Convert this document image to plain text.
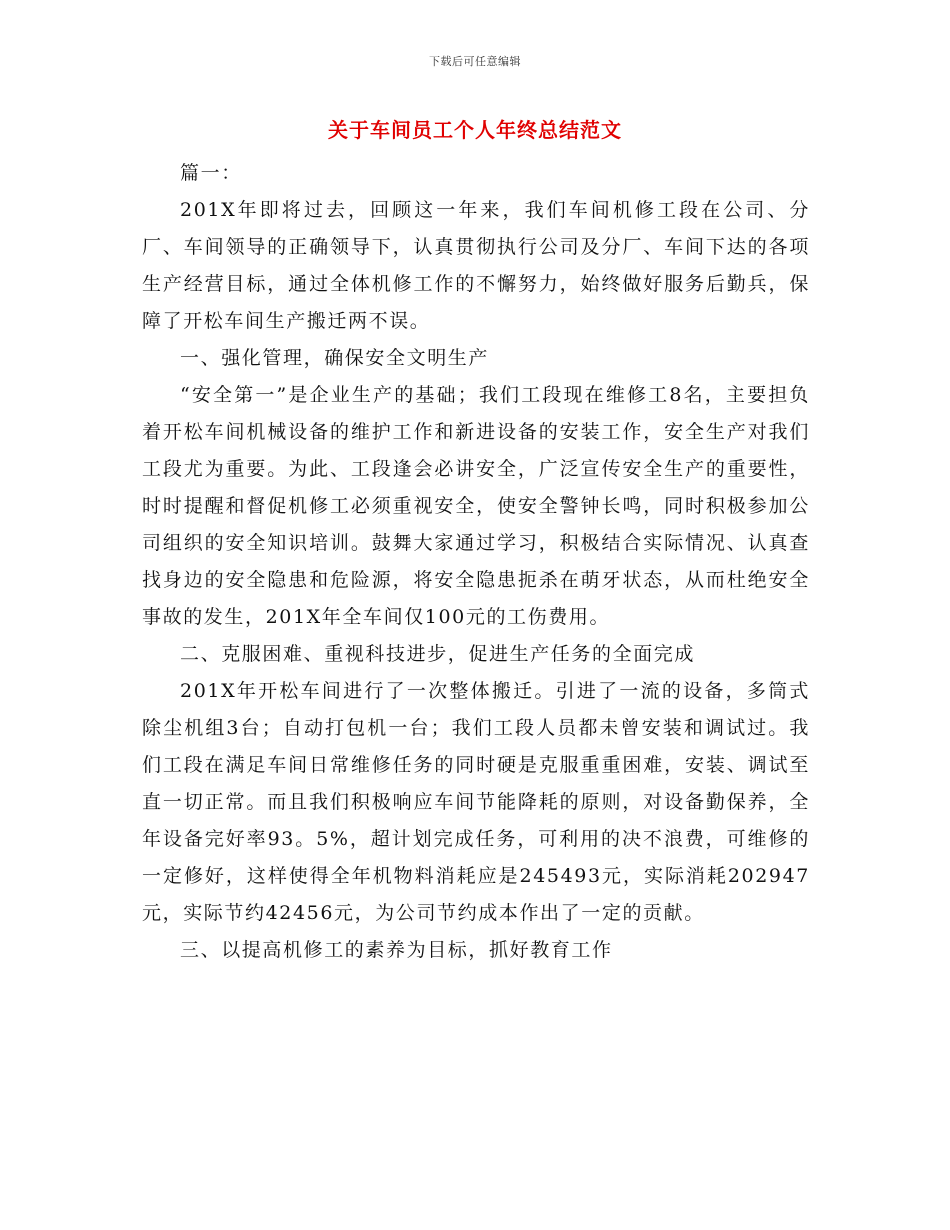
下载后可任意编辑
关于车间员工个人年终总结范文

篇一：

201X年即将过去，回顾这一年来，我们车间机修工段在公司、分厂、车间领导的正确领导下，认真贯彻执行公司及分厂、车间下达的各项生产经营目标，通过全体机修工作的不懈努力，始终做好服务后勤兵，保障了开松车间生产搬迁两不误。

一、强化管理，确保安全文明生产

“安全第一”是企业生产的基础；我们工段现在维修工8名，主要担负着开松车间机械设备的维护工作和新进设备的安装工作，安全生产对我们工段尤为重要。为此、工段逢会必讲安全，广泛宣传安全生产的重要性，时时提醒和督促机修工必须重视安全，使安全警钟长鸣，同时积极参加公司组织的安全知识培训。鼓舞大家通过学习，积极结合实际情况、认真查找身边的安全隐患和危险源，将安全隐患扼杀在萌牙状态，从而杜绝安全事故的发生，201X年全车间仅100元的工伤费用。

二、克服困难、重视科技进步，促进生产任务的全面完成

201X年开松车间进行了一次整体搬迁。引进了一流的设备，多筒式除尘机组3台；自动打包机一台；我们工段人员都未曾安装和调试过。我们工段在满足车间日常维修任务的同时硬是克服重重困难，安装、调试至直一切正常。而且我们积极响应车间节能降耗的原则，对设备勤保养，全年设备完好率93。5%，超计划完成任务，可利用的决不浪费，可维修的一定修好，这样使得全年机物料消耗应是245493元，实际消耗202947元，实际节约42456元，为公司节约成本作出了一定的贡献。

三、以提高机修工的素养为目标，抓好教育工作
